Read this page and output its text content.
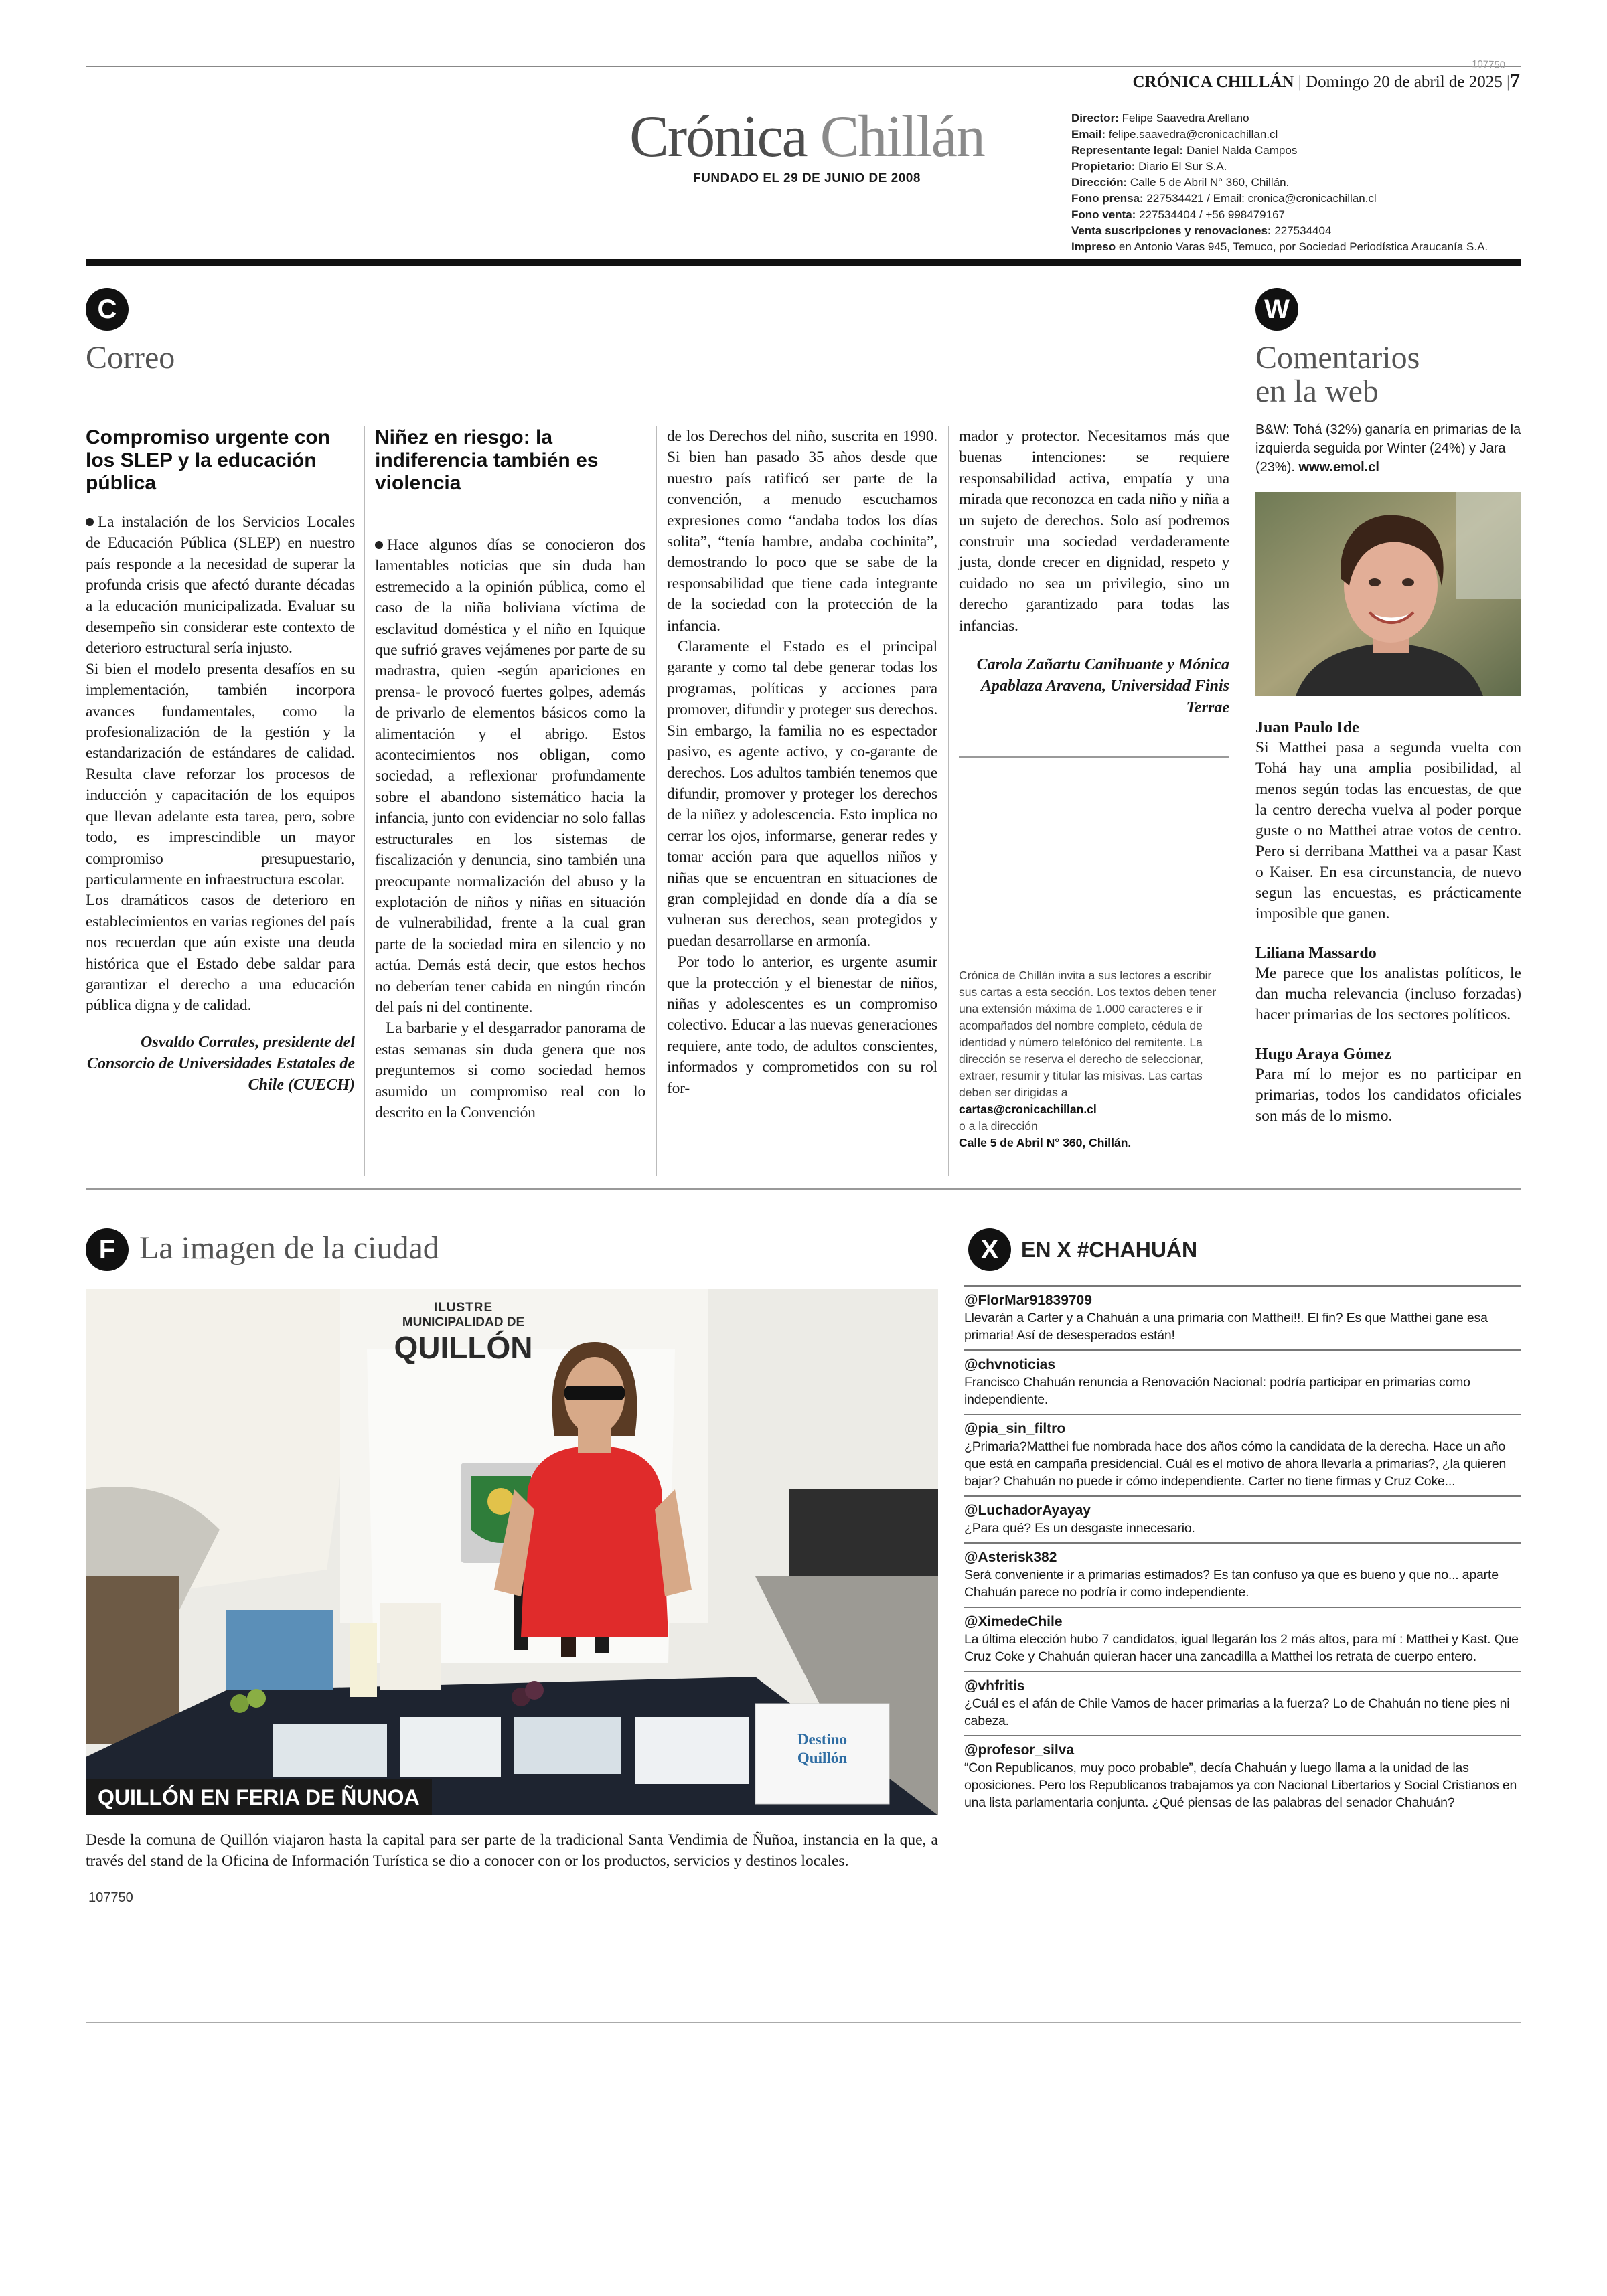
107750
CRÓNICA CHILLÁN | Domingo 20 de abril de 2025 |7
Crónica Chillán
FUNDADO EL 29 DE JUNIO DE 2008

Director: Felipe Saavedra Arellano

Email: felipe.saavedra@cronicachillan.cl

Representante legal: Daniel Nalda Campos

Propietario: Diario El Sur S.A.

Dirección: Calle 5 de Abril N° 360, Chillán.

Fono prensa: 227534421 / Email: cronica@cronicachillan.cl

Fono venta: 227534404 / +56 998479167

Venta suscripciones y renovaciones: 227534404

Impreso en Antonio Varas 945, Temuco, por Sociedad Periodística Araucanía S.A.

C
Correo
Compromiso urgente con los SLEP y la educación pública

La instalación de los Servicios Locales de Educación Pública (SLEP) en nuestro país responde a la necesidad de superar la profunda crisis que afectó durante décadas a la educación municipalizada. Evaluar su desempeño sin considerar este contexto de deterioro estructural sería injusto.

Si bien el modelo presenta desafíos en su implementación, también incorpora avances fundamentales, como la profesionalización de la gestión y la estandarización de estándares de calidad. Resulta clave reforzar los procesos de inducción y capacitación de los equipos que llevan adelante esta tarea, pero, sobre todo, es imprescindible un mayor compromiso presupuestario, particularmente en infraestructura escolar.

Los dramáticos casos de deterioro en establecimientos en varias regiones del país nos recuerdan que aún existe una deuda histórica que el Estado debe saldar para garantizar el derecho a una educación pública digna y de calidad.

Osvaldo Corrales, presidente del Consorcio de Universidades Estatales de Chile (CUECH)

Niñez en riesgo: la indiferencia también es violencia

Hace algunos días se conocieron dos lamentables noticias que sin duda han estremecido a la opinión pública, como el caso de la niña boliviana víctima de esclavitud doméstica y el niño en Iquique que sufrió graves vejámenes por parte de su madrastra, quien -según apariciones en prensa- le provocó fuertes golpes, además de privarlo de elementos básicos como la alimentación y el abrigo. Estos acontecimientos nos obligan, como sociedad, a reflexionar profundamente sobre el abandono sistemático hacia la infancia, junto con evidenciar no solo fallas estructurales en los sistemas de fiscalización y denuncia, sino también una preocupante normalización del abuso y la explotación de niños y niñas en situación de vulnerabilidad, frente a la cual gran parte de la sociedad mira en silencio y no actúa. Demás está decir, que estos hechos no deberían tener cabida en ningún rincón del país ni del continente.

La barbarie y el desgarrador panorama de estas semanas sin duda genera que nos preguntemos si como sociedad hemos asumido un compromiso real con lo descrito en la Convención

de los Derechos del niño, suscrita en 1990. Si bien han pasado 35 años desde que nuestro país ratificó ser parte de la convención, a menudo escuchamos expresiones como “andaba todos los días solita”, “tenía hambre, andaba cochinita”, demostrando lo poco que se sabe de la responsabilidad que tiene cada integrante de la sociedad con la protección de la infancia.

Claramente el Estado es el principal garante y como tal debe generar todas los programas, políticas y acciones para promover, difundir y proteger sus derechos. Sin embargo, la familia no es espectador pasivo, es agente activo, y co-garante de derechos. Los adultos también tenemos que difundir, promover y proteger los derechos de la niñez y adolescencia. Esto implica no cerrar los ojos, informarse, generar redes y tomar acción para que aquellos niños y niñas que se encuentran en situaciones de gran complejidad en donde día a día se vulneran sus derechos, sean protegidos y puedan desarrollarse en armonía.

Por todo lo anterior, es urgente asumir que la protección y el bienestar de niños, niñas y adolescentes es un compromiso colectivo. Educar a las nuevas generaciones requiere, ante todo, de adultos conscientes, informados y comprometidos con su rol for-

mador y protector. Necesitamos más que buenas intenciones: se requiere responsabilidad activa, empatía y una mirada que reconozca en cada niño y niña a un sujeto de derechos. Solo así podremos construir una sociedad verdaderamente justa, donde crecer en dignidad, respeto y cuidado no sea un privilegio, sino un derecho garantizado para todas las infancias.

Carola Zañartu Canihuante y Mónica Apablaza Aravena, Universidad Finis Terrae

Crónica de Chillán invita a sus lectores a escribir sus cartas a esta sección. Los textos deben tener una extensión máxima de 1.000 caracteres e ir acompañados del nombre completo, cédula de identidad y número telefónico del remitente. La dirección se reserva el derecho de seleccionar, extraer, resumir y titular las misivas. Las cartas deben ser dirigidas a

cartas@cronicachillan.cl

o a la dirección

Calle 5 de Abril N° 360, Chillán.

W
Comentarios
en la web
B&W: Tohá (32%) ganaría en primarias de la izquierda seguida por Winter (24%) y Jara (23%). www.emol.cl
Juan Paulo Ide

Si Matthei pasa a segunda vuelta con Tohá hay una amplia posibilidad, al menos según todas las encuestas, de que la centro derecha vuelva al poder porque guste o no Matthei atrae votos de centro. Pero si derribana Matthei va a pasar Kast o Kaiser. En esa circunstancia, de nuevo segun las encuestas, es prácticamente imposible que ganen.

Liliana Massardo

Me parece que los analistas políticos, le dan mucha relevancia (incluso forzadas) hacer primarias de los sectores políticos.

Hugo Araya Gómez

Para mí lo mejor es no participar en primarias, todos los candidatos oficiales son más de lo mismo.

F La imagen de la ciudad
ILUSTRE
MUNICIPALIDAD DE
QUILLÓN
Destino
Quillón
QUILLÓN EN FERIA DE ÑUNOA
Desde la comuna de Quillón viajaron hasta la capital para ser parte de la tradicional Santa Vendimia de Ñuñoa, instancia en la que, a través del stand de la Oficina de Información Turística se dio a conocer con or los productos, servicios y destinos locales.
107750
X EN X #CHAHUÁN

@FlorMar91839709

Llevarán a Carter y a Chahuán a una primaria con Matthei!!. El fin? Es que Matthei gane esa primaria! Así de desesperados están!

@chvnoticias

Francisco Chahuán renuncia a Renovación Nacional: podría participar en primarias como independiente.

@pia_sin_filtro

¿Primaria?Matthei fue nombrada hace dos años cómo la candidata de la derecha. Hace un año que está en campaña presidencial. Cuál es el motivo de ahora llevarla a primarias?, ¿la quieren bajar? Chahuán no puede ir cómo independiente. Carter no tiene firmas y Cruz Coke...

@LuchadorAyayay

¿Para qué? Es un desgaste innecesario.

@Asterisk382

Será conveniente ir a primarias estimados? Es tan confuso ya que es bueno y que no... aparte Chahuán parece no podría ir como independiente.

@XimedeChile

La última elección hubo 7 candidatos, igual llegarán los 2 más altos, para mí : Matthei y Kast. Que Cruz Coke y Chahuán quieran hacer una zancadilla a Matthei los retrata de cuerpo entero.

@vhfritis

¿Cuál es el afán de Chile Vamos de hacer primarias a la fuerza? Lo de Chahuán no tiene pies ni cabeza.

@profesor_silva

“Con Republicanos, muy poco probable”, decía Chahuán y luego llama a la unidad de las oposiciones. Pero los Republicanos trabajamos ya con Nacional Libertarios y Social Cristianos en una lista parlamentaria conjunta. ¿Qué piensas de las palabras del senador Chahuán?
